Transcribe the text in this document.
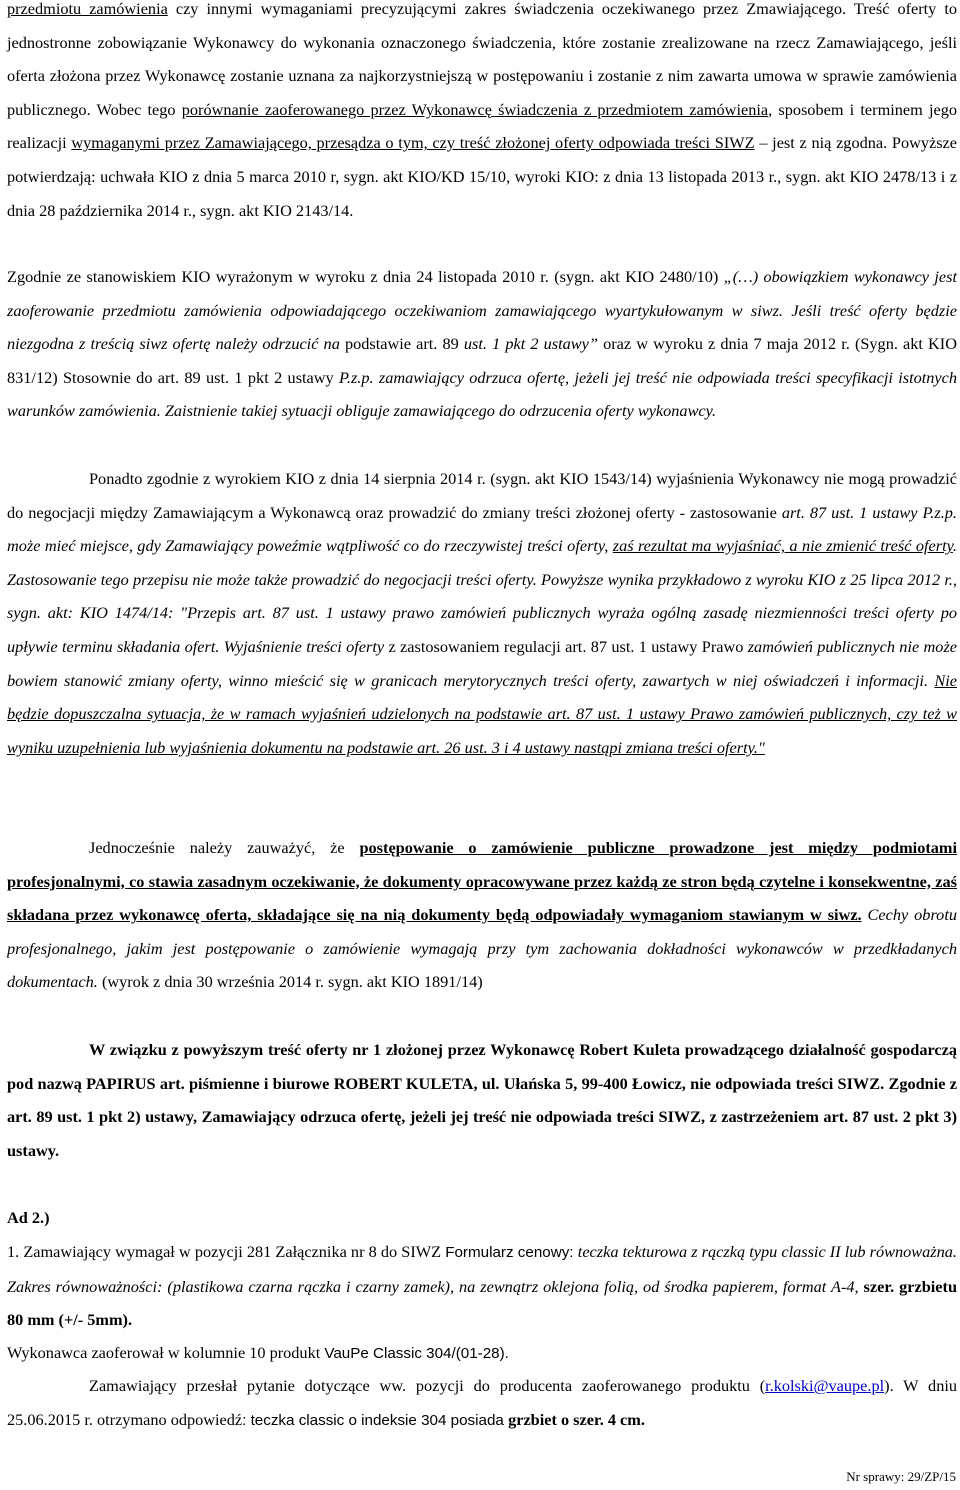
przedmiotu zamówienia czy innymi wymaganiami precyzującymi zakres świadczenia oczekiwanego przez Zmawiającego. Treść oferty to jednostronne zobowiązanie Wykonawcy do wykonania oznaczonego świadczenia, które zostanie zrealizowane na rzecz Zamawiającego, jeśli oferta złożona przez Wykonawcę zostanie uznana za najkorzystniejszą w postępowaniu i zostanie z nim zawarta umowa w sprawie zamówienia publicznego. Wobec tego porównanie zaoferowanego przez Wykonawcę świadczenia z przedmiotem zamówienia, sposobem i terminem jego realizacji wymaganymi przez Zamawiającego, przesądza o tym, czy treść złożonej oferty odpowiada treści SIWZ – jest z nią zgodna. Powyższe potwierdzają: uchwała KIO z dnia 5 marca 2010 r, sygn. akt KIO/KD 15/10, wyroki KIO: z dnia 13 listopada 2013 r., sygn. akt KIO 2478/13 i z dnia 28 października 2014 r., sygn. akt KIO 2143/14.
Zgodnie ze stanowiskiem KIO wyrażonym w wyroku z dnia 24 listopada 2010 r. (sygn. akt KIO 2480/10) „(…) obowiązkiem wykonawcy jest zaoferowanie przedmiotu zamówienia odpowiadającego oczekiwaniom zamawiającego wyartykułowanym w siwz. Jeśli treść oferty będzie niezgodna z treścią siwz ofertę należy odrzucić na podstawie art. 89 ust. 1 pkt 2 ustawy” oraz w wyroku z dnia 7 maja 2012 r. (Sygn. akt KIO 831/12) Stosownie do art. 89 ust. 1 pkt 2 ustawy P.z.p. zamawiający odrzuca ofertę, jeżeli jej treść nie odpowiada treści specyfikacji istotnych warunków zamówienia. Zaistnienie takiej sytuacji obliguje zamawiającego do odrzucenia oferty wykonawcy.
Ponadto zgodnie z wyrokiem KIO z dnia 14 sierpnia 2014 r. (sygn. akt KIO 1543/14) wyjaśnienia Wykonawcy nie mogą prowadzić do negocjacji między Zamawiającym a Wykonawcą oraz prowadzić do zmiany treści złożonej oferty - zastosowanie art. 87 ust. 1 ustawy P.z.p. może mieć miejsce, gdy Zamawiający poweźmie wątpliwość co do rzeczywistej treści oferty, zaś rezultat ma wyjaśniać, a nie zmienić treść oferty. Zastosowanie tego przepisu nie może także prowadzić do negocjacji treści oferty. Powyższe wynika przykładowo z wyroku KIO z 25 lipca 2012 r., sygn. akt: KIO 1474/14: "Przepis art. 87 ust. 1 ustawy prawo zamówień publicznych wyraża ogólną zasadę niezmienności treści oferty po upływie terminu składania ofert. Wyjaśnienie treści oferty z zastosowaniem regulacji art. 87 ust. 1 ustawy Prawo zamówień publicznych nie może bowiem stanowić zmiany oferty, winno mieścić się w granicach merytorycznych treści oferty, zawartych w niej oświadczeń i informacji. Nie będzie dopuszczalna sytuacja, że w ramach wyjaśnień udzielonych na podstawie art. 87 ust. 1 ustawy Prawo zamówień publicznych, czy też w wyniku uzupełnienia lub wyjaśnienia dokumentu na podstawie art. 26 ust. 3 i 4 ustawy nastąpi zmiana treści oferty."
Jednocześnie należy zauważyć, że postępowanie o zamówienie publiczne prowadzone jest między podmiotami profesjonalnymi, co stawia zasadnym oczekiwanie, że dokumenty opracowywane przez każdą ze stron będą czytelne i konsekwentne, zaś składana przez wykonawcę oferta, składające się na nią dokumenty będą odpowiadały wymaganiom stawianym w siwz. Cechy obrotu profesjonalnego, jakim jest postępowanie o zamówienie wymagają przy tym zachowania dokładności wykonawców w przedkładanych dokumentach. (wyrok z dnia 30 września 2014 r. sygn. akt KIO 1891/14)
W związku z powyższym treść oferty nr 1 złożonej przez Wykonawcę Robert Kuleta prowadzącego działalność gospodarczą pod nazwą PAPIRUS art. piśmienne i biurowe ROBERT KULETA, ul. Ułańska 5, 99-400 Łowicz, nie odpowiada treści SIWZ. Zgodnie z art. 89 ust. 1 pkt 2) ustawy, Zamawiający odrzuca ofertę, jeżeli jej treść nie odpowiada treści SIWZ, z zastrzeżeniem art. 87 ust. 2 pkt 3) ustawy.
Ad 2.)
1. Zamawiający wymagał w pozycji 281 Załącznika nr 8 do SIWZ Formularz cenowy: teczka tekturowa z rączką typu classic II lub równoważna. Zakres równoważności: (plastikowa czarna rączka i czarny zamek), na zewnątrz oklejona folią, od środka papierem, format A-4, szer. grzbietu 80 mm (+/- 5mm).
Wykonawca zaoferował w kolumnie 10 produkt VauPe Classic 304/(01-28).
Zamawiający przesłał pytanie dotyczące ww. pozycji do producenta zaoferowanego produktu (r.kolski@vaupe.pl). W dniu 25.06.2015 r. otrzymano odpowiedź: teczka classic o indeksie 304 posiada grzbiet o szer. 4 cm.
Nr sprawy: 29/ZP/15
